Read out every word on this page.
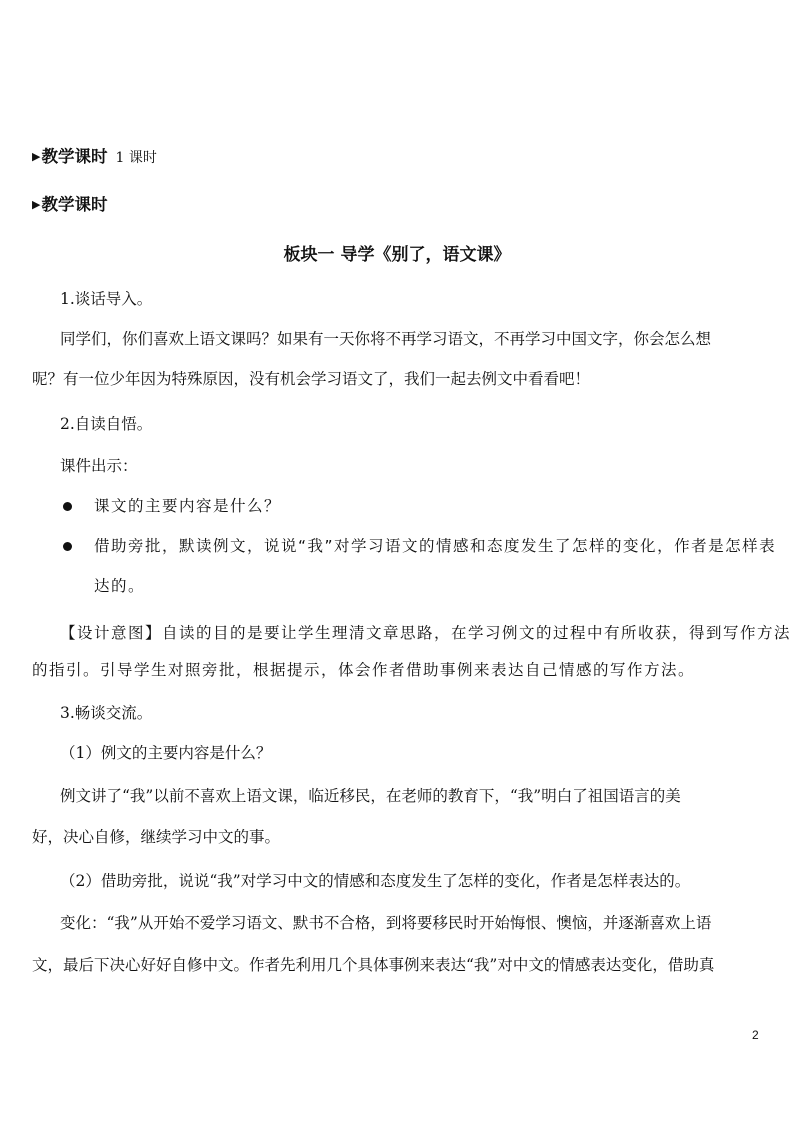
▶教学课时 1 课时
▶教学课时
板块一 导学《别了，语文课》
1.谈话导入。
同学们，你们喜欢上语文课吗？如果有一天你将不再学习语文，不再学习中国文字，你会怎么想
呢？有一位少年因为特殊原因，没有机会学习语文了，我们一起去例文中看看吧！
2.自读自悟。
课件出示：
课文的主要内容是什么？
借助旁批，默读例文，说说“我”对学习语文的情感和态度发生了怎样的变化，作者是怎样表
达的。
【设计意图】自读的目的是要让学生理清文章思路，在学习例文的过程中有所收获，得到写作方法
的指引。引导学生对照旁批，根据提示，体会作者借助事例来表达自己情感的写作方法。
3.畅谈交流。
（1）例文的主要内容是什么？
例文讲了“我”以前不喜欢上语文课，临近移民，在老师的教育下，“我”明白了祖国语言的美
好，决心自修，继续学习中文的事。
（2）借助旁批，说说“我”对学习中文的情感和态度发生了怎样的变化，作者是怎样表达的。
变化：“我”从开始不爱学习语文、默书不合格，到将要移民时开始悔恨、懊恼，并逐渐喜欢上语
文，最后下决心好好自修中文。作者先利用几个具体事例来表达“我”对中文的情感表达变化，借助真
2
